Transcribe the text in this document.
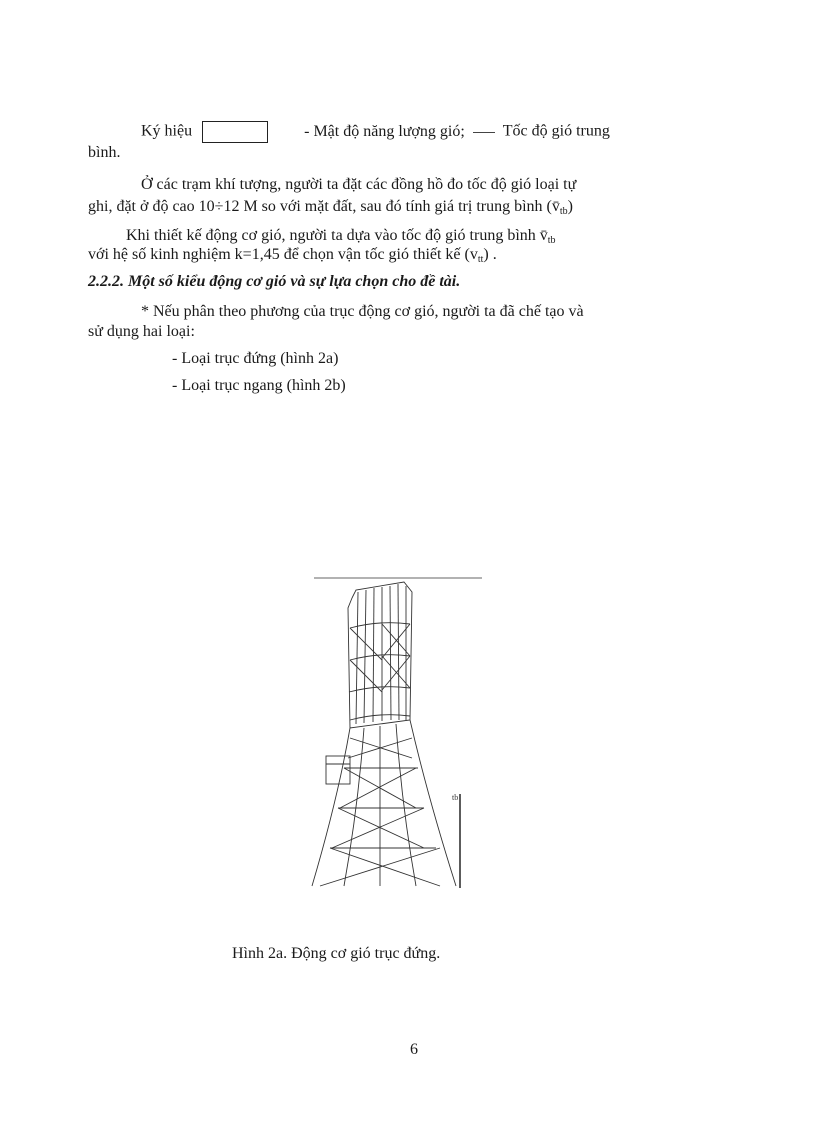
Ký hiệu	- Mật độ năng lượng gió; Tốc độ gió trung
bình.
Ở các trạm khí tượng, người ta đặt các đồng hồ đo tốc độ gió loại tự
ghi, đặt ở độ cao 10÷12 M so với mặt đất, sau đó tính giá trị trung bình $(v̄_{tb})$
Khi thiết kế động cơ gió, người ta dựa vào tốc độ gió trung bình $v̄_{tb}$
với hệ số kinh nghiệm k=1,45 để chọn vận tốc gió thiết kế $(v_{tt})$ .
2.2.2. Một số kiểu động cơ gió và sự lựa chọn cho đề tài.
* Nếu phân theo phương của trục động cơ gió, người ta đã chế tạo và
sử dụng hai loại:
- Loại trục đứng (hình 2a)
- Loại trục ngang (hình 2b)
tb
Hình 2a. Động cơ gió trục đứng.
6
